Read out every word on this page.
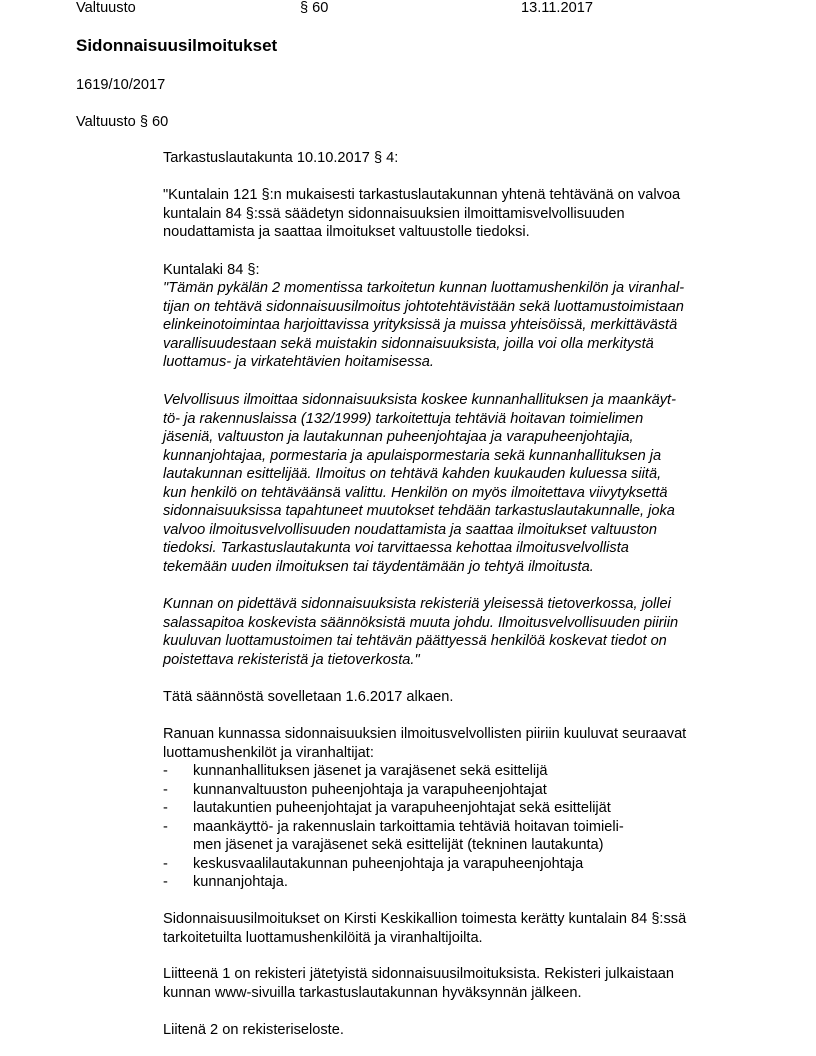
Valtuusto	§ 60	13.11.2017
Sidonnaisuusilmoitukset
1619/10/2017
Valtuusto § 60
Tarkastuslautakunta 10.10.2017 § 4:
"Kuntalain 121 §:n mukaisesti tarkastuslautakunnan yhtenä tehtävänä on valvoa
kuntalain 84 §:ssä säädetyn sidonnaisuuksien ilmoittamisvelvollisuuden
noudattamista ja saattaa ilmoitukset valtuustolle tiedoksi.
Kuntalaki 84 §:
"Tämän pykälän 2 momentissa tarkoitetun kunnan luottamushenkilön ja viranhal-
tijan on tehtävä sidonnaisuusilmoitus johtotehtävistään sekä luottamustoimistaan
elinkeinotoimintaa harjoittavissa yrityksissä ja muissa yhteisöissä, merkittävästä
varallisuudestaan sekä muistakin sidonnaisuuksista, joilla voi olla merkitystä
luottamus- ja virkatehtävien hoitamisessa.
Velvollisuus ilmoittaa sidonnaisuuksista koskee kunnanhallituksen ja maankäyt-
tö- ja rakennuslaissa (132/1999) tarkoitettuja tehtäviä hoitavan toimielimen
jäseniä, valtuuston ja lautakunnan puheenjohtajaa ja varapuheenjohtajia,
kunnanjohtajaa, pormestaria ja apulaispormestaria sekä kunnanhallituksen ja
lautakunnan esittelijää. Ilmoitus on tehtävä kahden kuukauden kuluessa siitä,
kun henkilö on tehtäväänsä valittu. Henkilön on myös ilmoitettava viivytyksettä
sidonnaisuuksissa tapahtuneet muutokset tehdään tarkastuslautakunnalle, joka
valvoo ilmoitusvelvollisuuden noudattamista ja saattaa ilmoitukset valtuuston
tiedoksi. Tarkastuslautakunta voi tarvittaessa kehottaa ilmoitusvelvollista
tekemään uuden ilmoituksen tai täydentämään jo tehtyä ilmoitusta.
Kunnan on pidettävä sidonnaisuuksista rekisteriä yleisessä tietoverkossa, jollei
salassapitoa koskevista säännöksistä muuta johdu. Ilmoitusvelvollisuuden piiriin
kuuluvan luottamustoimen tai tehtävän päättyessä henkilöä koskevat tiedot on
poistettava rekisteristä ja tietoverkosta."
Tätä säännöstä sovelletaan 1.6.2017 alkaen.
Ranuan kunnassa sidonnaisuuksien ilmoitusvelvollisten piiriin kuuluvat seuraavat
luottamushenkilöt ja viranhaltijat:
- kunnanhallituksen jäsenet ja varajäsenet sekä esittelijä
- kunnanvaltuuston puheenjohtaja ja varapuheenjohtajat
- lautakuntien puheenjohtajat ja varapuheenjohtajat sekä esittelijät
- maankäyttö- ja rakennuslain tarkoittamia tehtäviä hoitavan toimieli-
men jäsenet ja varajäsenet sekä esittelijät (tekninen lautakunta)
- keskusvaalilautakunnan puheenjohtaja ja varapuheenjohtaja
- kunnanjohtaja.
Sidonnaisuusilmoitukset on Kirsti Keskikallion toimesta kerätty kuntalain 84 §:ssä
tarkoitetuilta luottamushenkilöitä ja viranhaltijoilta.
Liitteenä 1 on rekisteri jätetyistä sidonnaisuusilmoituksista. Rekisteri julkaistaan
kunnan www-sivuilla tarkastuslautakunnan hyväksynnän jälkeen.
Liitenä 2 on rekisteriseloste.
